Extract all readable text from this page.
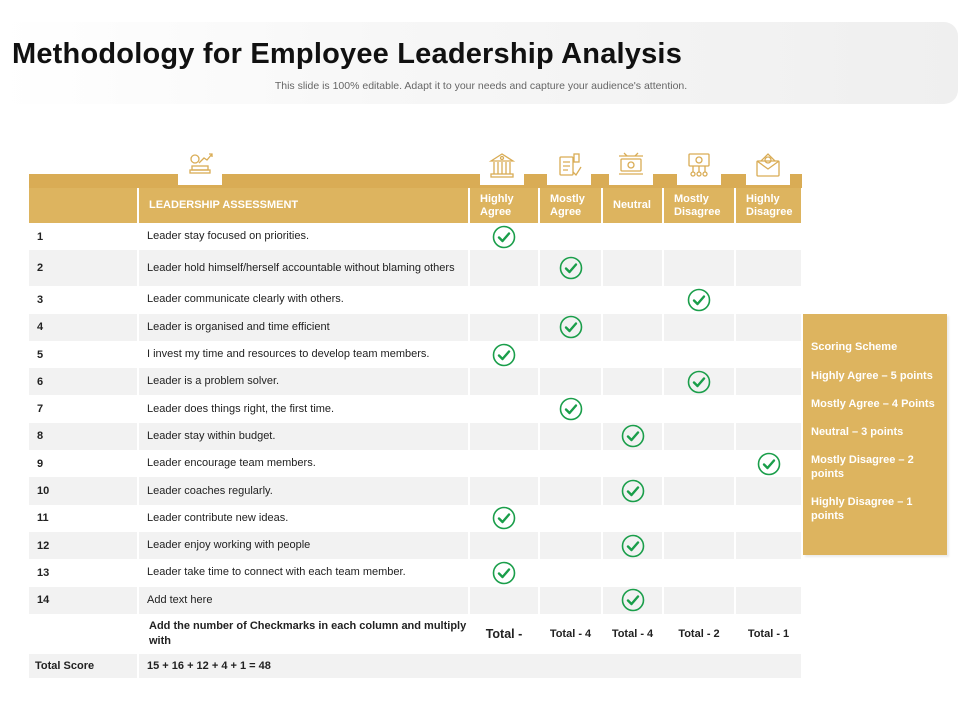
Methodology for Employee Leadership Analysis

This slide is 100% editable. Adapt it to your needs and capture your audience's attention.

	LEADERSHIP ASSESSMENT	Highly Agree	Mostly Agree	Neutral	Mostly Disagree	Highly Disagree
1	Leader stay focused on priorities.					
2	Leader hold himself/herself accountable without blaming others					
3	Leader communicate clearly with others.					
4	Leader is organised and time efficient					
5	I invest my time and resources to develop team members.					
6	Leader is a problem solver.					
7	Leader does things right, the first time.					
8	Leader stay within budget.					
9	Leader encourage team members.					
10	Leader coaches regularly.					
11	Leader contribute new ideas.					
12	Leader enjoy working with people					
13	Leader take time to connect with each team member.					
14	Add text here					
	Add the number of Checkmarks in each column and multiply with	Total -	Total - 4	Total - 4	Total - 2	Total - 1
Total Score	15 + 16 + 12 + 4 + 1 = 48					
Scoring Scheme
Highly Agree – 5 points
Mostly Agree – 4 Points
Neutral – 3 points
Mostly Disagree – 2 points
Highly Disagree – 1 points
